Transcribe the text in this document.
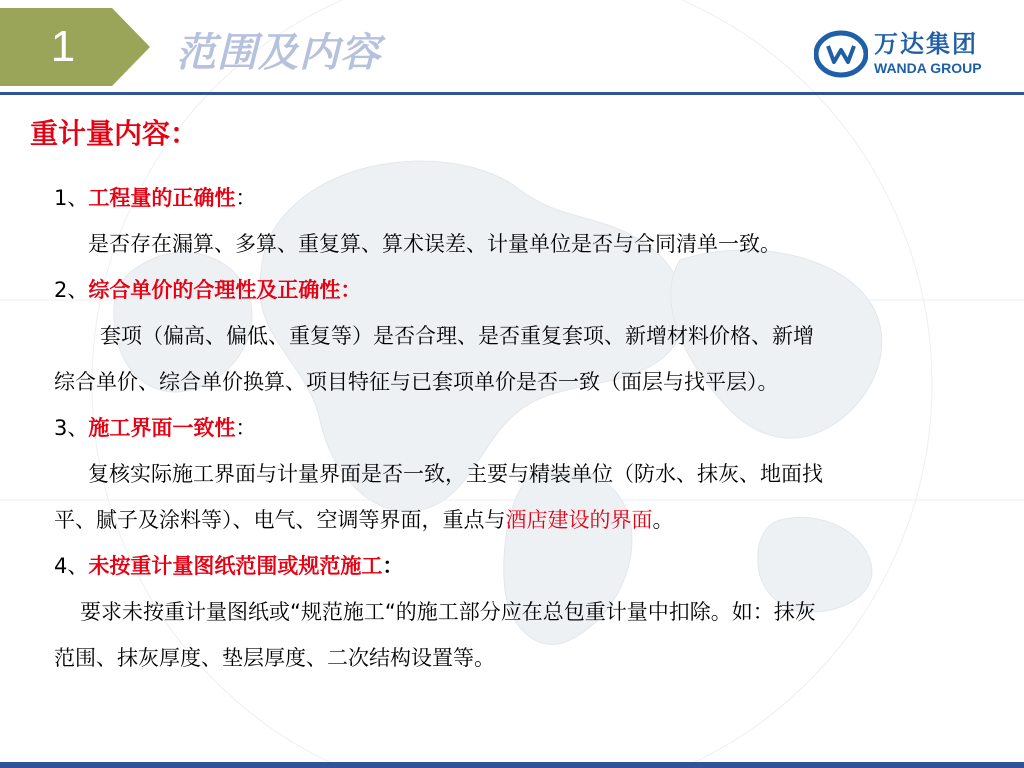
1	范围及内容	万达集团
WANDA GROUP
重计量内容：
1、工程量的正确性：
是否存在漏算、多算、重复算、算术误差、计量单位是否与合同清单一致。
2、综合单价的合理性及正确性：
套项（偏高、偏低、重复等）是否合理、是否重复套项、新增材料价格、新增
综合单价、综合单价换算、项目特征与已套项单价是否一致（面层与找平层）。
3、施工界面一致性：
复核实际施工界面与计量界面是否一致，主要与精装单位（防水、抹灰、地面找
平、腻子及涂料等）、电气、空调等界面，重点与酒店建设的界面。
4、未按重计量图纸范围或规范施工：
要求未按重计量图纸或“规范施工“的施工部分应在总包重计量中扣除。如：抹灰
范围、抹灰厚度、垫层厚度、二次结构设置等。
